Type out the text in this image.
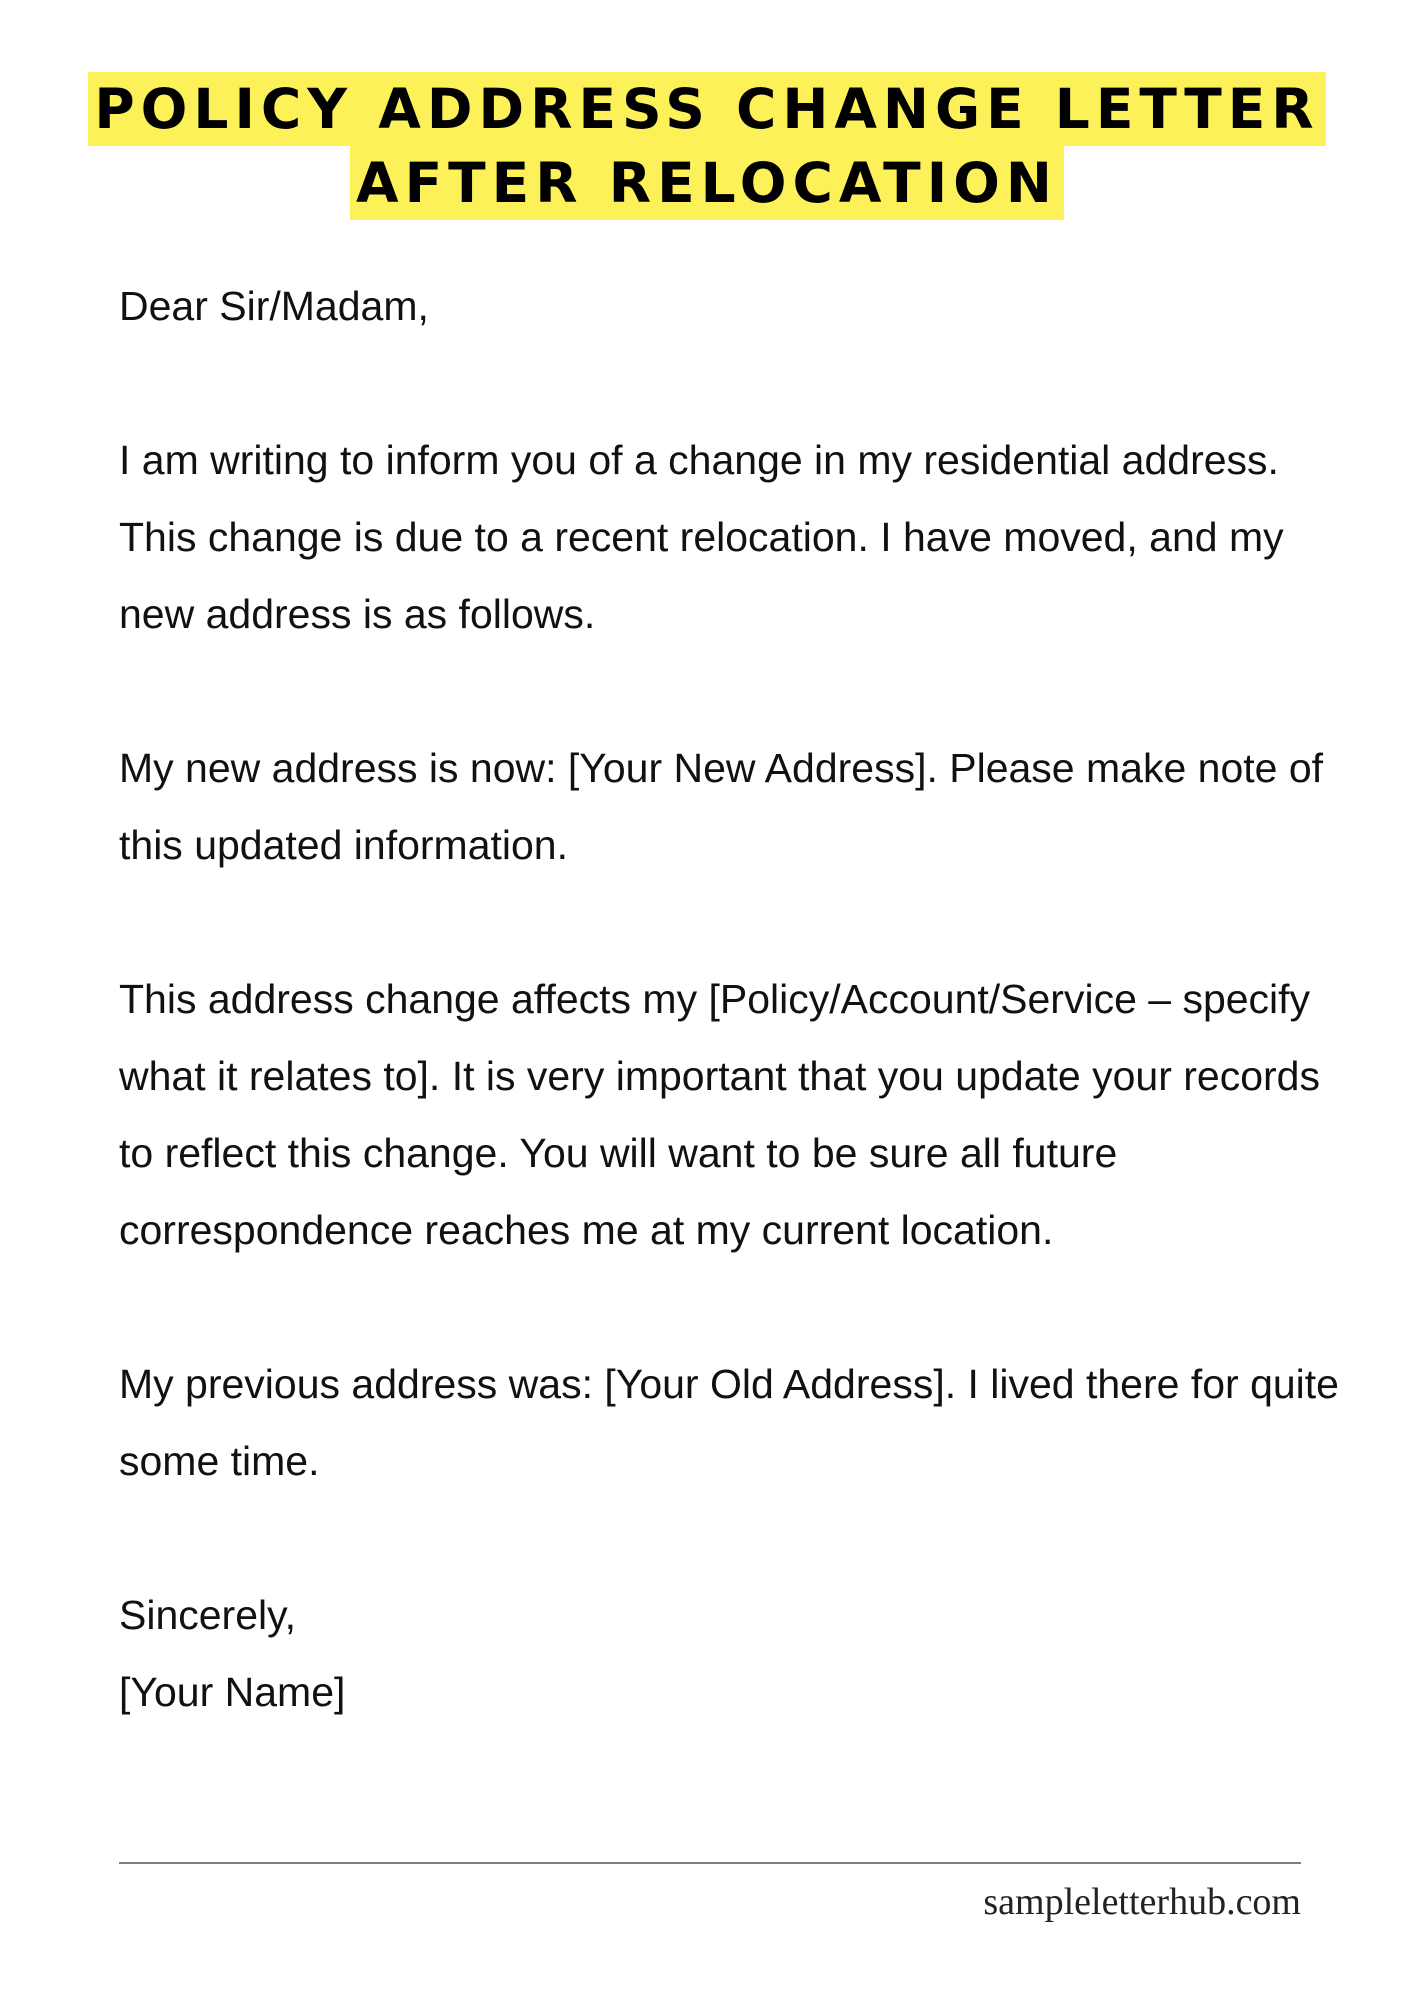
POLICY ADDRESS CHANGE LETTER
AFTER RELOCATION

Dear Sir/Madam,

I am writing to inform you of a change in my residential address. This change is due to a recent relocation. I have moved, and my new address is as follows.

My new address is now: [Your New Address]. Please make note of this updated information.

This address change affects my [Policy/Account/Service – specify what it relates to]. It is very important that you update your records to reflect this change. You will want to be sure all future correspondence reaches me at my current location.

My previous address was: [Your Old Address]. I lived there for quite some time.

Sincerely,
[Your Name]

sampleletterhub.com
